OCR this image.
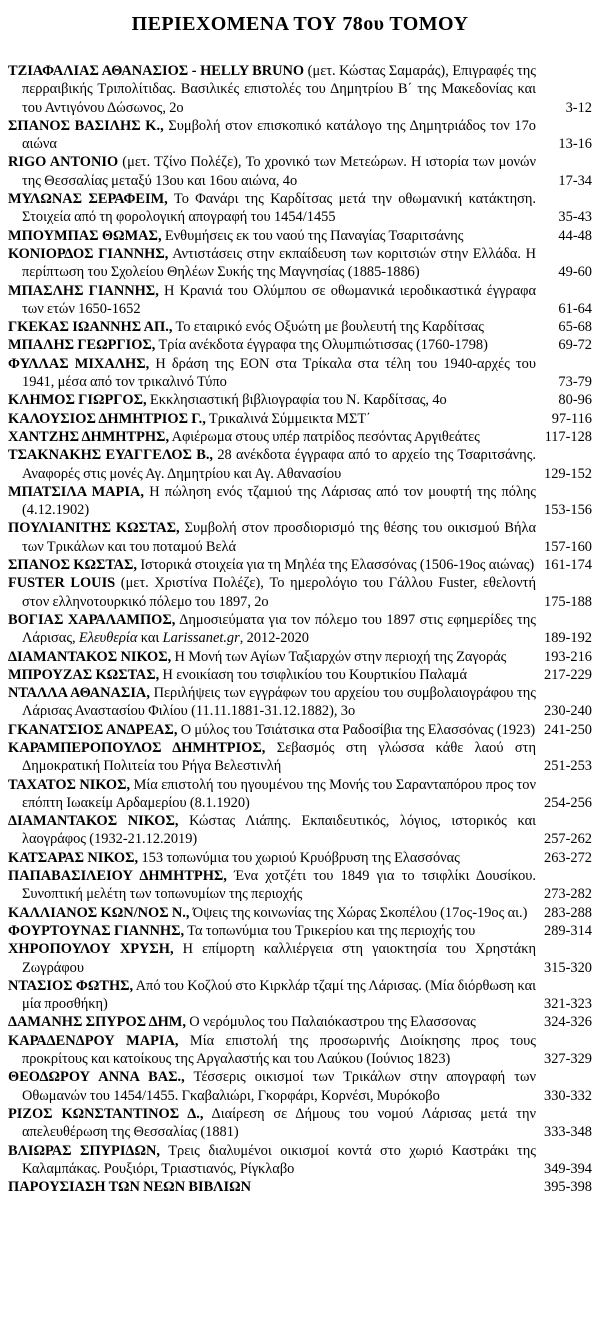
ΠΕΡΙΕΧΟΜΕΝΑ ΤΟΥ 78ου ΤΟΜΟΥ

ΤΖΙΑΦΑΛΙΑΣ ΑΘΑΝΑΣΙΟΣ - HELLY BRUNO (μετ. Κώστας Σαμαράς), Επιγραφές της περραιβικής Τριπολίτιδας. Βασιλικές επιστολές του Δημητρίου Β΄ της Μακεδονίας και του Αντιγόνου Δώσωνος, 2ο	3-12

ΣΠΑΝΟΣ ΒΑΣΙΛΗΣ Κ., Συμβολή στον επισκοπικό κατάλογο της Δημητριάδος τον 17ο αιώνα	13-16

RIGO ANTONIO (μετ. Τζίνο Πολέζε), Το χρονικό των Μετεώρων. Η ιστορία των μονών της Θεσσαλίας μεταξύ 13ου και 16ου αιώνα, 4ο	17-34

ΜΥΛΩΝΑΣ ΣΕΡΑΦΕΙΜ, Το Φανάρι της Καρδίτσας μετά την οθωμανική κατάκτηση. Στοιχεία από τη φορολογική απογραφή του 1454/1455	35-43

ΜΠΟΥΜΠΑΣ ΘΩΜΑΣ, Ενθυμήσεις εκ του ναού της Παναγίας Τσαριτσάνης	44-48

ΚΟΝΙΟΡΔΟΣ ΓΙΑΝΝΗΣ, Αντιστάσεις στην εκπαίδευση των κοριτσιών στην Ελλάδα. Η περίπτωση του Σχολείου Θηλέων Συκής της Μαγνησίας (1885-1886)	49-60

ΜΠΑΣΛΗΣ ΓΙΑΝΝΗΣ, Η Κρανιά του Ολύμπου σε οθωμανικά ιεροδικαστικά έγγραφα των ετών 1650-1652	61-64

ΓΚΕΚΑΣ ΙΩΑΝΝΗΣ ΑΠ., Το εταιρικό ενός Οξυώτη με βουλευτή της Καρδίτσας	65-68

ΜΠΑΛΗΣ ΓΕΩΡΓΙΟΣ, Τρία ανέκδοτα έγγραφα της Ολυμπιώτισσας (1760-1798)	69-72

ΦΥΛΛΑΣ ΜΙΧΑΛΗΣ, Η δράση της ΕΟΝ στα Τρίκαλα στα τέλη του 1940-αρχές του 1941, μέσα από τον τρικαλινό Τύπο	73-79

ΚΛΗΜΟΣ ΓΙΩΡΓΟΣ, Εκκλησιαστική βιβλιογραφία του Ν. Καρδίτσας, 4ο	80-96

ΚΑΛΟΥΣΙΟΣ ΔΗΜΗΤΡΙΟΣ Γ., Τρικαλινά Σύμμεικτα ΜΣΤ΄	97-116

ΧΑΝΤΖΗΣ ΔΗΜΗΤΡΗΣ, Αφιέρωμα στους υπέρ πατρίδος πεσόντας Αργιθεάτες	117-128

ΤΣΑΚΝΑΚΗΣ ΕΥΑΓΓΕΛΟΣ Β., 28 ανέκδοτα έγγραφα από το αρχείο της Τσαριτσάνης. Αναφορές στις μονές Αγ. Δημητρίου και Αγ. Αθανασίου	129-152

ΜΠΑΤΣΙΛΑ ΜΑΡΙΑ, Η πώληση ενός τζαμιού της Λάρισας από τον μουφτή της πόλης (4.12.1902)	153-156

ΠΟΥΛΙΑΝΙΤΗΣ ΚΩΣΤΑΣ, Συμβολή στον προσδιορισμό της θέσης του οικισμού Βήλα των Τρικάλων και του ποταμού Βελά	157-160

ΣΠΑΝΟΣ ΚΩΣΤΑΣ, Ιστορικά στοιχεία για τη Μηλέα της Ελασσόνας (1506-19ος αιώνας) 161-174

FUSTER LOUIS (μετ. Χριστίνα Πολέζε), Το ημερολόγιο του Γάλλου Fuster, εθελοντή στον ελληνοτουρκικό πόλεμο του 1897, 2ο	175-188

ΒΟΓΙΑΣ ΧΑΡΑΛΑΜΠΟΣ, Δημοσιεύματα για τον πόλεμο του 1897 στις εφημερίδες της Λάρισας, Ελευθερία και Larissanet.gr, 2012-2020	189-192

ΔΙΑΜΑΝΤΑΚΟΣ ΝΙΚΟΣ, Η Μονή των Αγίων Ταξιαρχών στην περιοχή της Ζαγοράς	193-216

ΜΠΡΟΥΖΑΣ ΚΩΣΤΑΣ, Η ενοικίαση του τσιφλικίου του Κουρτικίου Παλαμά	217-229

ΝΤΑΛΛΑ ΑΘΑΝΑΣΙΑ, Περιλήψεις των εγγράφων του αρχείου του συμβολαιογράφου της Λάρισας Αναστασίου Φιλίου (11.11.1881-31.12.1882), 3ο	230-240

ΓΚΑΝΑΤΣΙΟΣ ΑΝΔΡΕΑΣ, Ο μύλος του Τσιάτσικα στα Ραδοσίβια της Ελασσόνας (1923) 241-250

ΚΑΡΑΜΠΕΡΟΠΟΥΛΟΣ ΔΗΜΗΤΡΙΟΣ, Σεβασμός στη γλώσσα κάθε λαού στη Δημοκρατική Πολιτεία του Ρήγα Βελεστινλή	251-253

ΤΑΧΑΤΟΣ ΝΙΚΟΣ, Μία επιστολή του ηγουμένου της Μονής του Σαρανταπόρου προς τον επόπτη Ιωακείμ Αρδαμερίου (8.1.1920)	254-256

ΔΙΑΜΑΝΤΑΚΟΣ ΝΙΚΟΣ, Κώστας Λιάπης. Εκπαιδευτικός, λόγιος, ιστορικός και λαογράφος (1932-21.12.2019)	257-262

ΚΑΤΣΑΡΑΣ ΝΙΚΟΣ, 153 τοπωνύμια του χωριού Κρυόβρυση της Ελασσόνας	263-272

ΠΑΠΑΒΑΣΙΛΕΙΟΥ ΔΗΜΗΤΡΗΣ, Ένα χοτζέτι του 1849 για το τσιφλίκι Δουσίκου. Συνοπτική μελέτη των τοπωνυμίων της περιοχής	273-282

ΚΑΛΛΙΑΝΟΣ ΚΩΝ/ΝΟΣ Ν., Όψεις της κοινωνίας της Χώρας Σκοπέλου (17ος-19ος αι.)	283-288

ΦΟΥΡΤΟΥΝΑΣ ΓΙΑΝΝΗΣ, Τα τοπωνύμια του Τρικερίου και της περιοχής του	289-314

ΧΗΡΟΠΟΥΛΟΥ ΧΡΥΣΗ, Η επίμορτη καλλιέργεια στη γαιοκτησία του Χρηστάκη Ζωγράφου	315-320

ΝΤΑΣΙΟΣ ΦΩΤΗΣ, Από του Κοζλού στο Κιρκλάρ τζαμί της Λάρισας. (Μία διόρθωση και μία προσθήκη)	321-323

ΔΑΜΑΝΗΣ ΣΠΥΡΟΣ ΔΗΜ, Ο νερόμυλος του Παλαιόκαστρου της Ελασσονας	324-326

ΚΑΡΑΔΕΝΔΡΟΥ ΜΑΡΙΑ, Μία επιστολή της προσωρινής Διοίκησης προς τους προκρίτους και κατοίκους της Αργαλαστής και του Λαύκου (Ιούνιος 1823)	327-329

ΘΕΟΔΩΡΟΥ ΑΝΝΑ ΒΑΣ., Τέσσερις οικισμοί των Τρικάλων στην απογραφή των Οθωμανών του 1454/1455. Γκαβαλιώρι, Γκορφάρι, Κορνέσι, Μυρόκοβο	330-332

ΡΙΖΟΣ ΚΩΝΣΤΑΝΤΙΝΟΣ Δ., Διαίρεση σε Δήμους του νομού Λάρισας μετά την απελευθέρωση της Θεσσαλίας (1881)	333-348

ΒΛΙΩΡΑΣ ΣΠΥΡΙΔΩΝ, Τρεις διαλυμένοι οικισμοί κοντά στο χωριό Καστράκι της Καλαμπάκας. Ρουξιόρι, Τριαστιανός, Ρίγκλαβο	349-394

ΠΑΡΟΥΣΙΑΣΗ ΤΩΝ ΝΕΩΝ ΒΙΒΛΙΩΝ	395-398
